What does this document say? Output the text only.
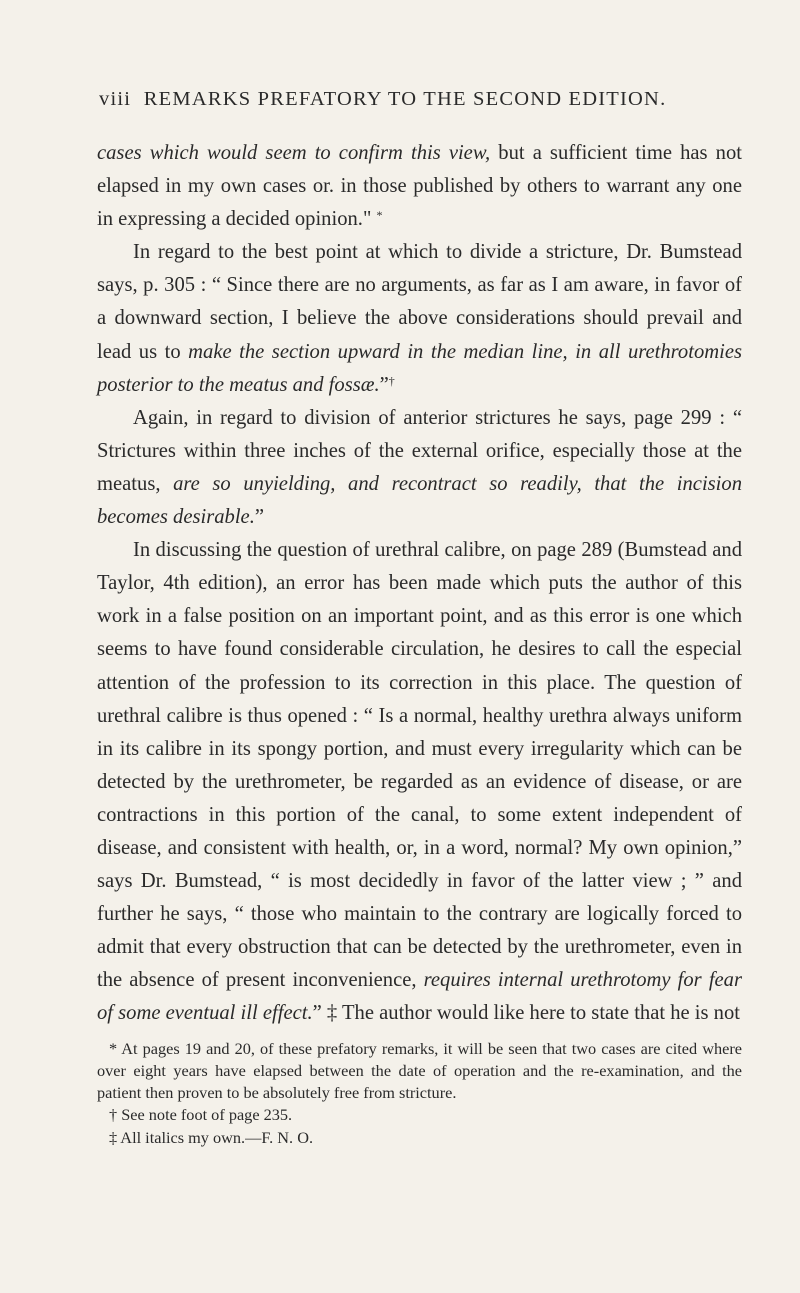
viii REMARKS PREFATORY TO THE SECOND EDITION.

cases which would seem to confirm this view, but a sufficient time has not elapsed in my own cases or. in those published by others to warrant any one in expressing a decided opinion." *

In regard to the best point at which to divide a stricture, Dr. Bumstead says, p. 305 : “ Since there are no arguments, as far as I am aware, in favor of a downward section, I believe the above considerations should prevail and lead us to make the section upward in the median line, in all urethrotomies posterior to the meatus and fossæ.”†

Again, in regard to division of anterior strictures he says, page 299 : “ Strictures within three inches of the external orifice, especially those at the meatus, are so unyielding, and recontract so readily, that the incision becomes desirable.”

In discussing the question of urethral calibre, on page 289 (Bumstead and Taylor, 4th edition), an error has been made which puts the author of this work in a false position on an important point, and as this error is one which seems to have found considerable circulation, he desires to call the especial attention of the profession to its correction in this place. The question of urethral calibre is thus opened : “ Is a normal, healthy urethra always uniform in its calibre in its spongy portion, and must every irregularity which can be detected by the urethrometer, be regarded as an evidence of disease, or are contractions in this portion of the canal, to some extent independent of disease, and consistent with health, or, in a word, normal? My own opinion,” says Dr. Bumstead, “ is most decidedly in favor of the latter view ; ” and further he says, “ those who maintain to the contrary are logically forced to admit that every obstruction that can be detected by the urethrometer, even in the absence of present inconvenience, requires internal urethrotomy for fear of some eventual ill effect.” ‡ The author would like here to state that he is not

* At pages 19 and 20, of these prefatory remarks, it will be seen that two cases are cited where over eight years have elapsed between the date of operation and the re-examination, and the patient then proven to be absolutely free from stricture.

† See note foot of page 235.

‡ All italics my own.—F. N. O.
